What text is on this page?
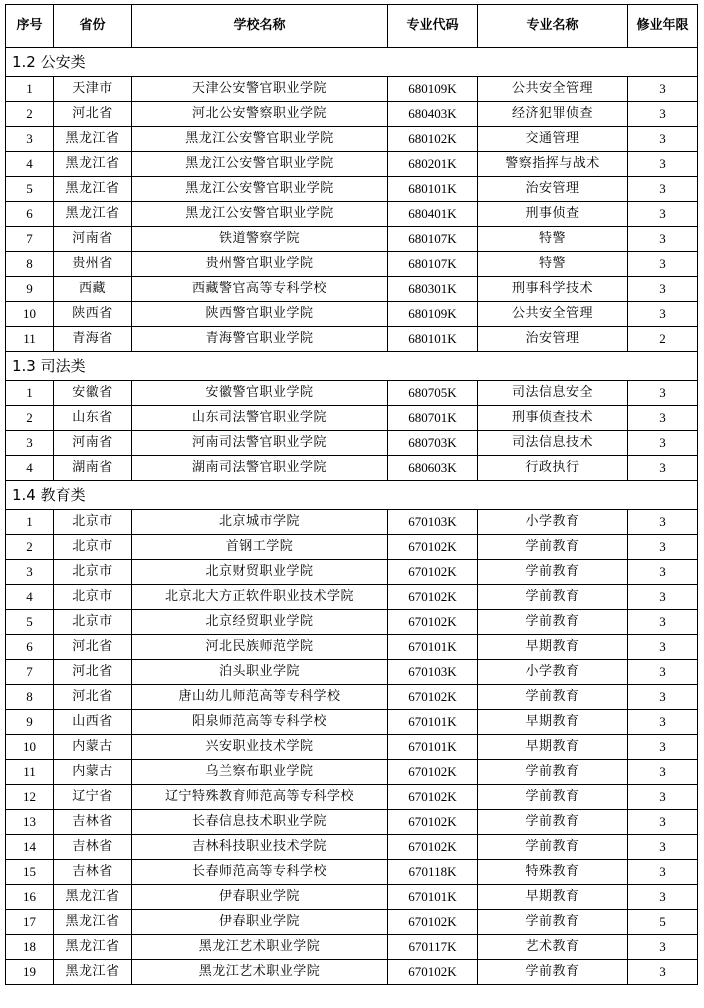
序号	省份	学校名称	专业代码	专业名称	修业年限
1.2 公安类					
1	天津市	天津公安警官职业学院	680109K	公共安全管理	3
2	河北省	河北公安警察职业学院	680403K	经济犯罪侦查	3
3	黑龙江省	黑龙江公安警官职业学院	680102K	交通管理	3
4	黑龙江省	黑龙江公安警官职业学院	680201K	警察指挥与战术	3
5	黑龙江省	黑龙江公安警官职业学院	680101K	治安管理	3
6	黑龙江省	黑龙江公安警官职业学院	680401K	刑事侦查	3
7	河南省	铁道警察学院	680107K	特警	3
8	贵州省	贵州警官职业学院	680107K	特警	3
9	西藏	西藏警官高等专科学校	680301K	刑事科学技术	3
10	陕西省	陕西警官职业学院	680109K	公共安全管理	3
11	青海省	青海警官职业学院	680101K	治安管理	2
1.3 司法类					
1	安徽省	安徽警官职业学院	680705K	司法信息安全	3
2	山东省	山东司法警官职业学院	680701K	刑事侦查技术	3
3	河南省	河南司法警官职业学院	680703K	司法信息技术	3
4	湖南省	湖南司法警官职业学院	680603K	行政执行	3
1.4 教育类					
1	北京市	北京城市学院	670103K	小学教育	3
2	北京市	首钢工学院	670102K	学前教育	3
3	北京市	北京财贸职业学院	670102K	学前教育	3
4	北京市	北京北大方正软件职业技术学院	670102K	学前教育	3
5	北京市	北京经贸职业学院	670102K	学前教育	3
6	河北省	河北民族师范学院	670101K	早期教育	3
7	河北省	泊头职业学院	670103K	小学教育	3
8	河北省	唐山幼儿师范高等专科学校	670102K	学前教育	3
9	山西省	阳泉师范高等专科学校	670101K	早期教育	3
10	内蒙古	兴安职业技术学院	670101K	早期教育	3
11	内蒙古	乌兰察布职业学院	670102K	学前教育	3
12	辽宁省	辽宁特殊教育师范高等专科学校	670102K	学前教育	3
13	吉林省	长春信息技术职业学院	670102K	学前教育	3
14	吉林省	吉林科技职业技术学院	670102K	学前教育	3
15	吉林省	长春师范高等专科学校	670118K	特殊教育	3
16	黑龙江省	伊春职业学院	670101K	早期教育	3
17	黑龙江省	伊春职业学院	670102K	学前教育	5
18	黑龙江省	黑龙江艺术职业学院	670117K	艺术教育	3
19	黑龙江省	黑龙江艺术职业学院	670102K	学前教育	3
